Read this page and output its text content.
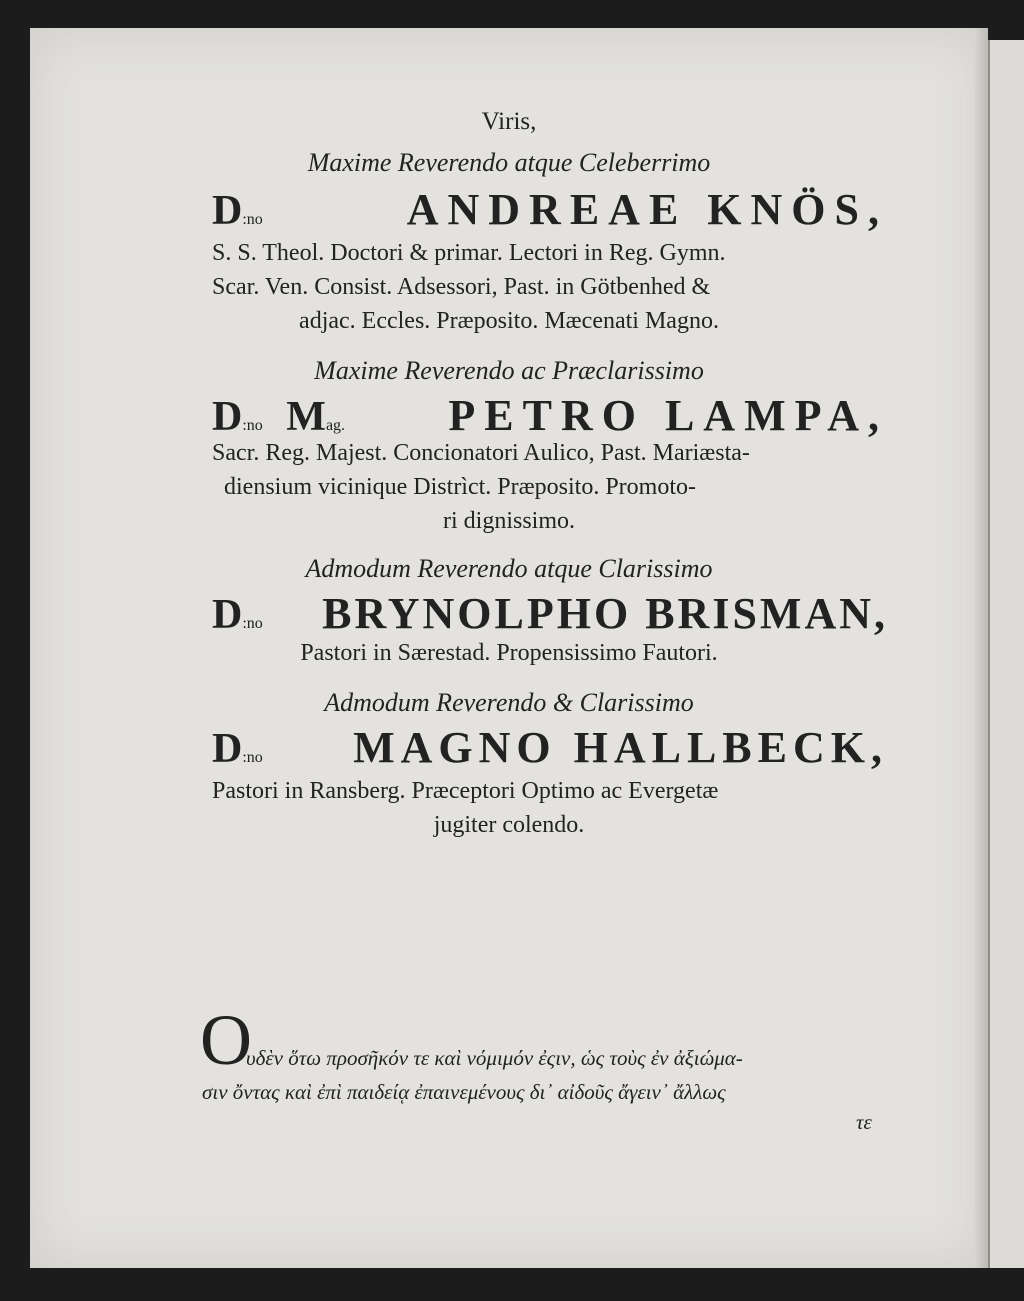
Viris,
Maxime Reverendo atque Celeberrimo
D:no	ANDREAE KNÖS,
S. S. Theol. Doctori & primar. Lectori in Reg. Gymn.
Scar. Ven. Consist. Adsessori, Past. in Götbenhed &
adjac. Eccles. Præposito. Mæcenati Magno.
Maxime Reverendo ac Præclarissimo
D:no Mag. PETRO LAMPA,
Sacr. Reg. Majest. Concionatori Aulico, Past. Mariæsta-
diensium vicinique Distrìct. Præposito. Promoto-
ri dignissimo.
Admodum Reverendo atque Clarissimo
D:no BRYNOLPHO BRISMAN,
Pastori in Særestad. Propensissimo Fautori.
Admodum Reverendo & Clarissimo
D:no MAGNO HALLBECK,
Pastori in Ransberg. Præceptori Optimo ac Evergetæ
jugiter colendo.
O
υδὲν ὅτω προσῆκόν τε καὶ νόμιμόν ἐςιν, ὡς τοὺς ἐν ἀξιώμα-
σιν ὄντας καὶ ἐπὶ παιδείᾳ ἐπαινεμένους δι᾽ αἰδοῦς ἄγειν᾽ ἄλλως
τε
